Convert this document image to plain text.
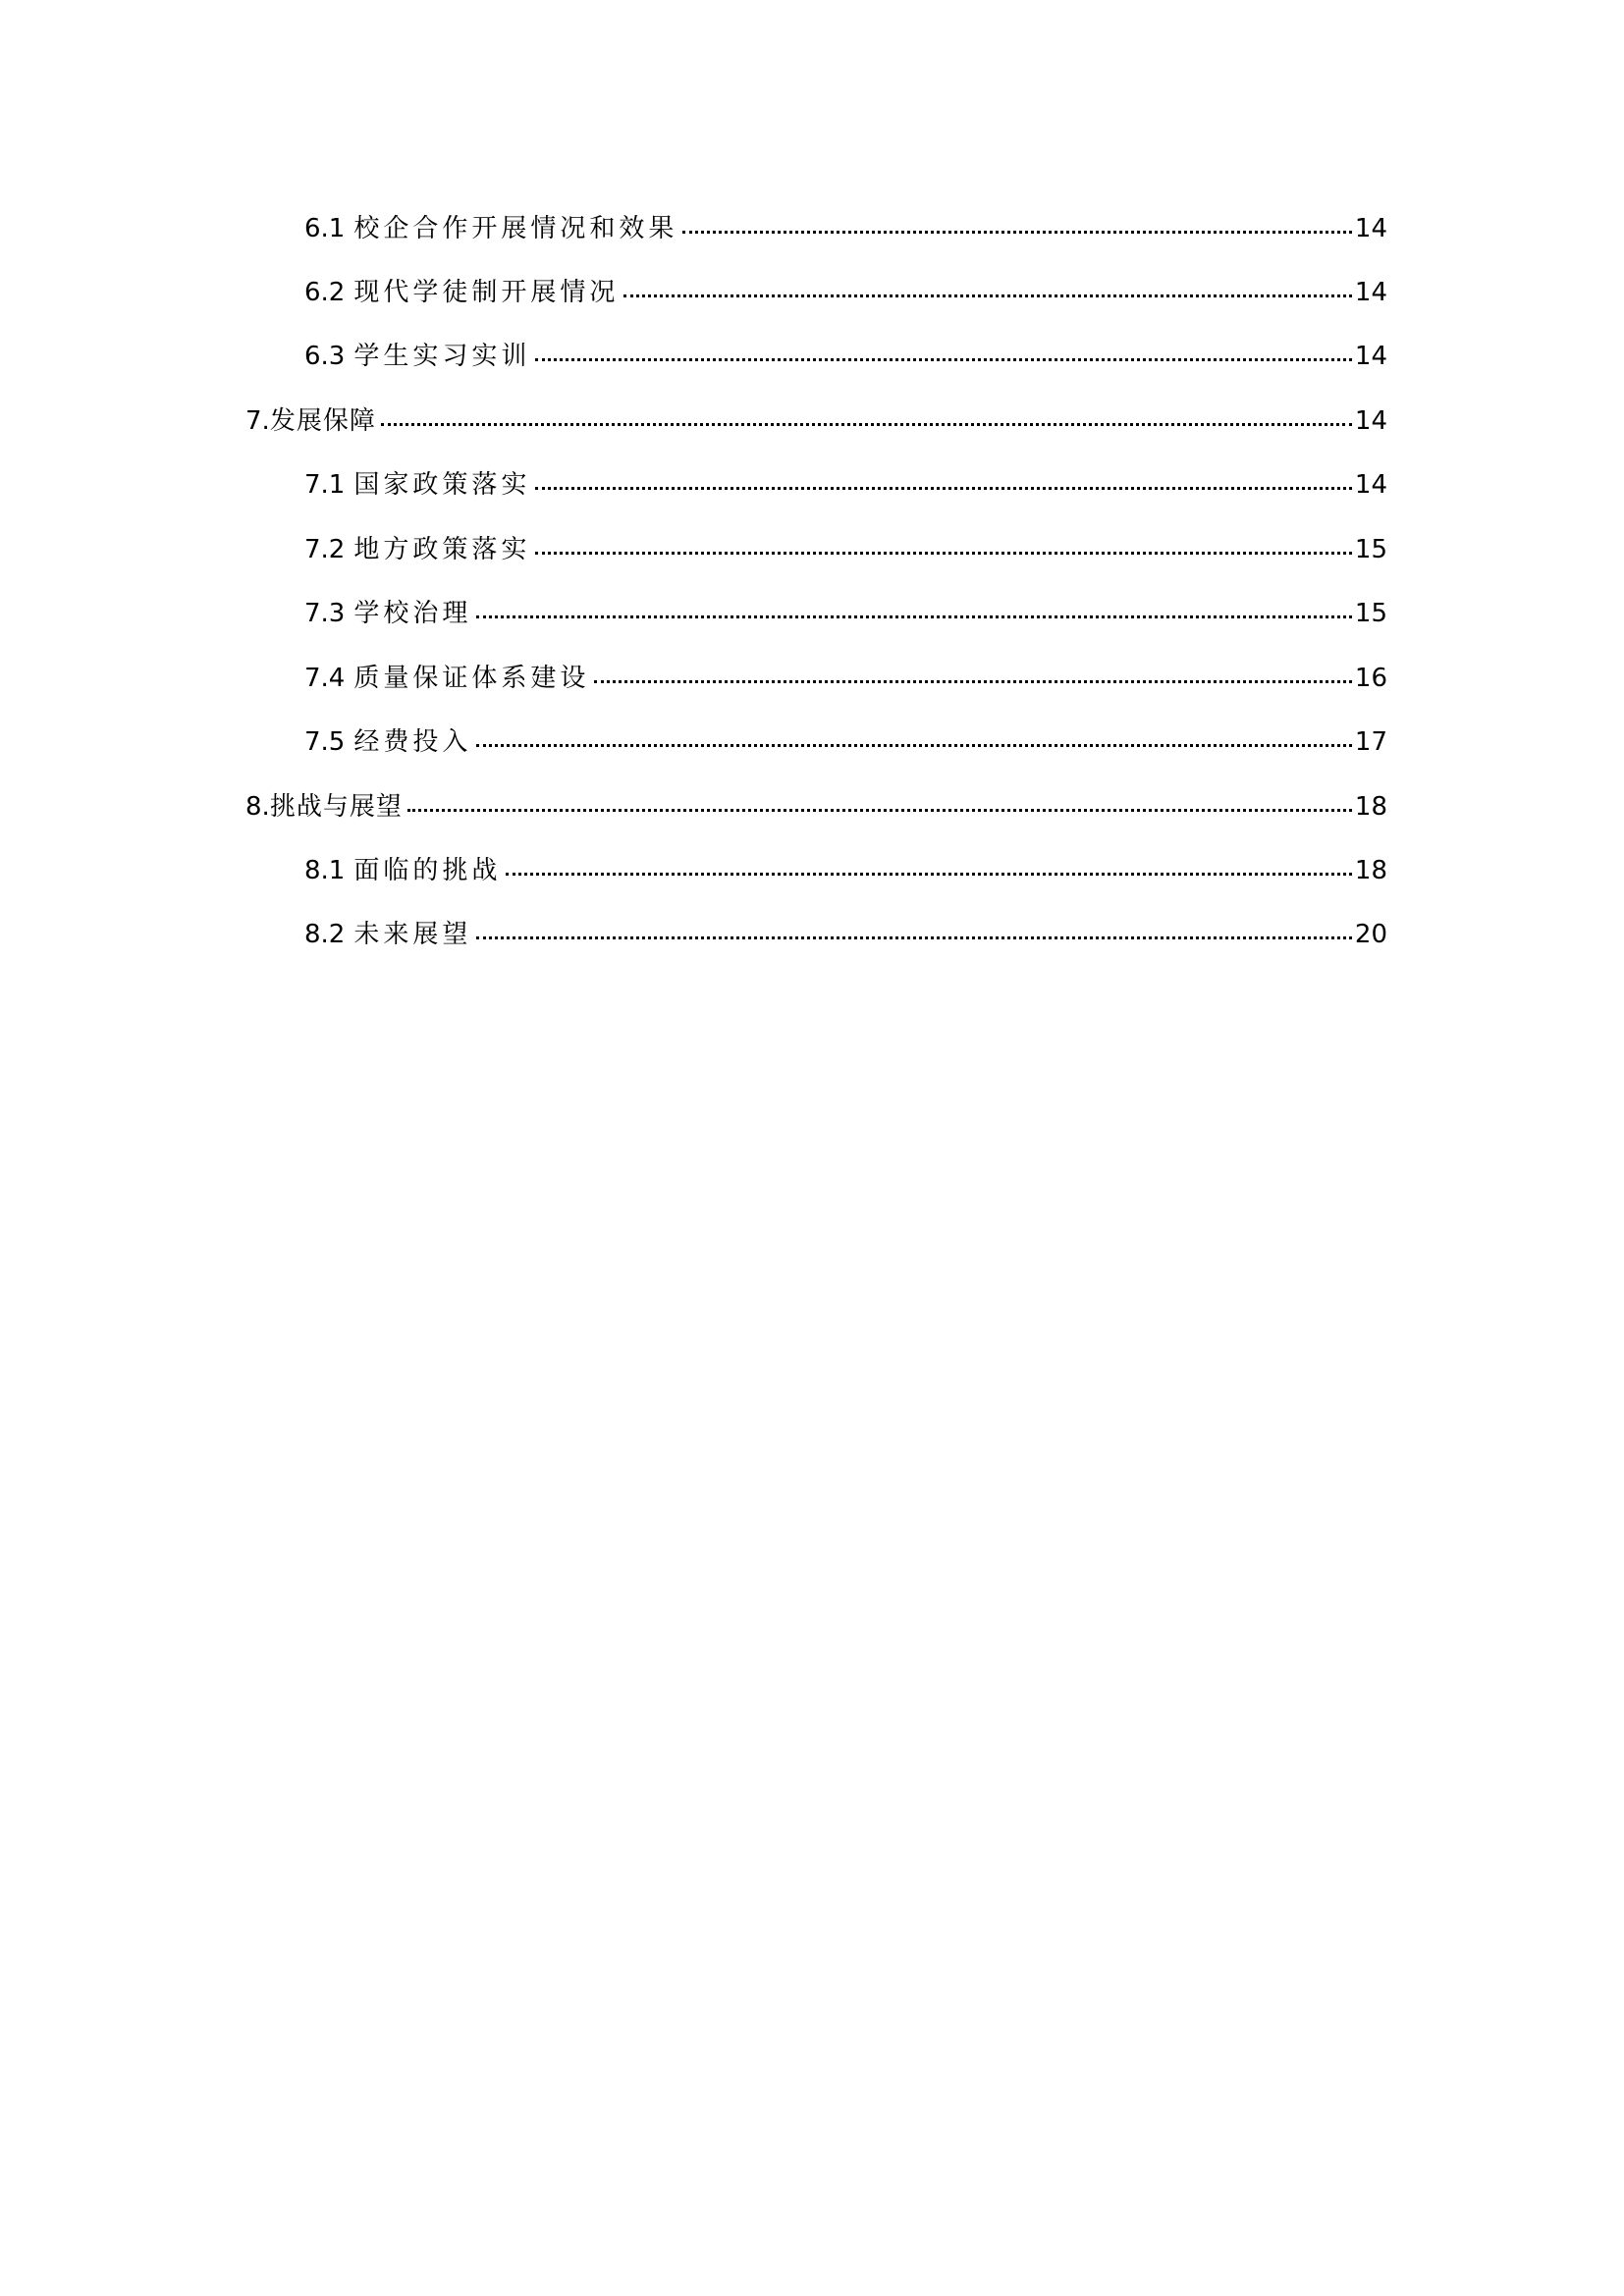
6.1 校企合作开展情况和效果	14
6.2 现代学徒制开展情况	14
6.3 学生实习实训	14
7. 发展保障	14
7.1 国家政策落实	14
7.2 地方政策落实	15
7.3 学校治理	15
7.4 质量保证体系建设	16
7.5 经费投入	17
8. 挑战与展望	18
8.1 面临的挑战	18
8.2 未来展望	20
